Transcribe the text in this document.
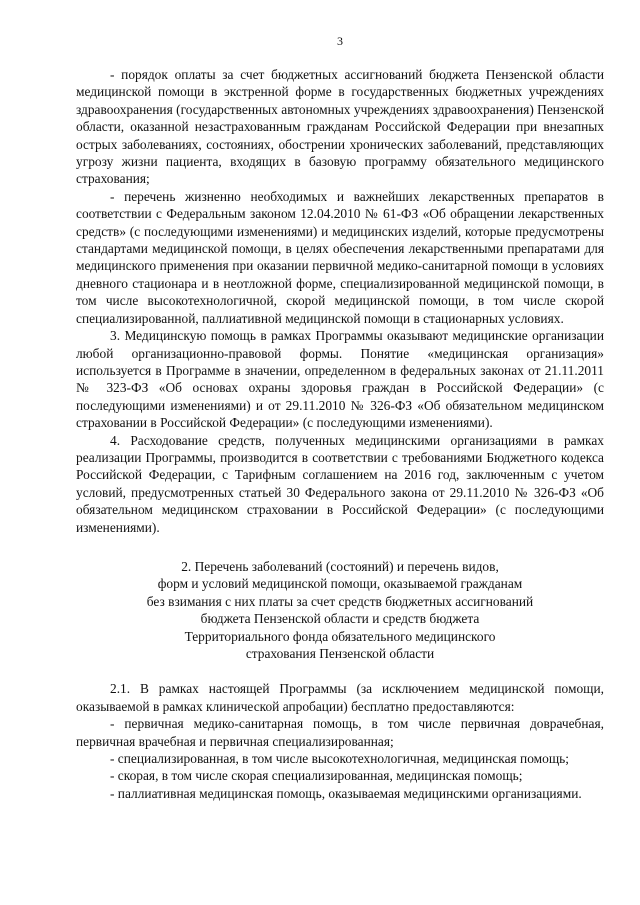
3

- порядок оплаты за счет бюджетных ассигнований бюджета Пензенской области медицинской помощи в экстренной форме в государственных бюджетных учреждениях здравоохранения (государственных автономных учреждениях здравоохранения) Пензенской области, оказанной незастрахованным гражданам Российской Федерации при внезапных острых заболеваниях, состояниях, обострении хронических заболеваний, представляющих угрозу жизни пациента, входящих в базовую программу обязательного медицинского страхования;

- перечень жизненно необходимых и важнейших лекарственных препаратов в соответствии с Федеральным законом 12.04.2010 № 61-ФЗ «Об обращении лекарственных средств» (с последующими изменениями) и медицинских изделий, которые предусмотрены стандартами медицинской помощи, в целях обеспечения лекарственными препаратами для медицинского применения при оказании первичной медико-санитарной помощи в условиях дневного стационара и в неотложной форме, специализированной медицинской помощи, в том числе высокотехнологичной, скорой медицинской помощи, в том числе скорой специализированной, паллиативной медицинской помощи в стационарных условиях.

3. Медицинскую помощь в рамках Программы оказывают медицинские организации любой организационно-правовой формы. Понятие «медицинская организация» используется в Программе в значении, определенном в федеральных законах от 21.11.2011 № 323-ФЗ «Об основах охраны здоровья граждан в Российской Федерации» (с последующими изменениями) и от 29.11.2010 № 326-ФЗ «Об обязательном медицинском страховании в Российской Федерации» (с последующими изменениями).

4. Расходование средств, полученных медицинскими организациями в рамках реализации Программы, производится в соответствии с требованиями Бюджетного кодекса Российской Федерации, с Тарифным соглашением на 2016 год, заключенным с учетом условий, предусмотренных статьей 30 Федерального закона от 29.11.2010 № 326-ФЗ «Об обязательном медицинском страховании в Российской Федерации» (с последующими изменениями).

2. Перечень заболеваний (состояний) и перечень видов,
форм и условий медицинской помощи, оказываемой гражданам
без взимания с них платы за счет средств бюджетных ассигнований
бюджета Пензенской области и средств бюджета
Территориального фонда обязательного медицинского
страхования Пензенской области

2.1. В рамках настоящей Программы (за исключением медицинской помощи, оказываемой в рамках клинической апробации) бесплатно предоставляются:

- первичная медико-санитарная помощь, в том числе первичная доврачебная, первичная врачебная и первичная специализированная;

- специализированная, в том числе высокотехнологичная, медицинская помощь;

- скорая, в том числе скорая специализированная, медицинская помощь;

- паллиативная медицинская помощь, оказываемая медицинскими организациями.
